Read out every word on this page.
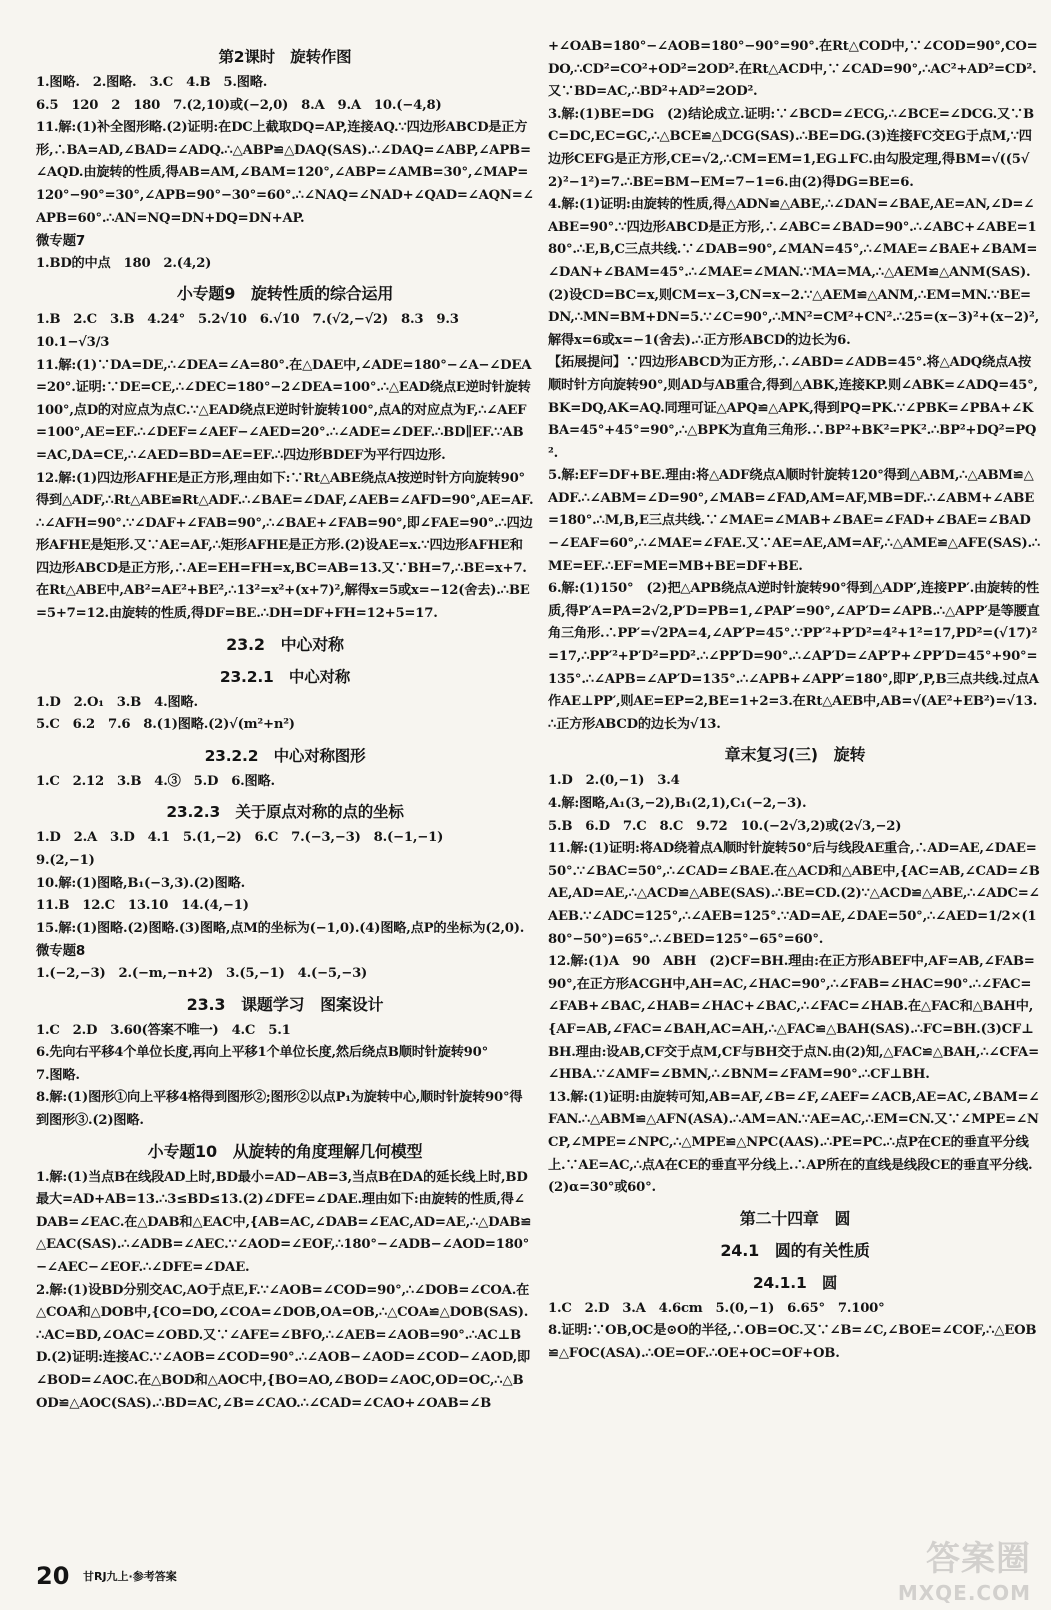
第2课时　旋转作图

1.图略.　2.图略.　3.C　4.B　5.图略.

6.5　120　2　180　7.(2,10)或(−2,0)　8.A　9.A　10.(−4,8)

11.解:(1)补全图形略.(2)证明:在DC上截取DQ=AP,连接AQ.∵四边形ABCD是正方形,∴BA=AD,∠BAD=∠ADQ.∴△ABP≌△DAQ(SAS).∴∠DAQ=∠ABP,∠APB=∠AQD.由旋转的性质,得AB=AM,∠BAM=120°,∠ABP=∠AMB=30°,∠MAP=120°−90°=30°,∠APB=90°−30°=60°.∴∠NAQ=∠NAD+∠QAD=∠AQN=∠APB=60°.∴AN=NQ=DN+DQ=DN+AP.

微专题7

1.BD的中点　180　2.(4,2)

小专题9　旋转性质的综合运用

1.B　2.C　3.B　4.24°　5.2√10　6.√10　7.(√2,−√2)　8.3　9.3

10.1−√3/3

11.解:(1)∵DA=DE,∴∠DEA=∠A=80°.在△DAE中,∠ADE=180°−∠A−∠DEA=20°.证明:∵DE=CE,∴∠DEC=180°−2∠DEA=100°.∴△EAD绕点E逆时针旋转100°,点D的对应点为点C.∵△EAD绕点E逆时针旋转100°,点A的对应点为F,∴∠AEF=100°,AE=EF.∴∠DEF=∠AEF−∠AED=20°.∴∠ADE=∠DEF.∴BD∥EF.∵AB=AC,DA=CE,∴∠AED=BD=AE=EF.∴四边形BDEF为平行四边形.

12.解:(1)四边形AFHE是正方形,理由如下:∵Rt△ABE绕点A按逆时针方向旋转90°得到△ADF,∴Rt△ABE≌Rt△ADF.∴∠BAE=∠DAF,∠AEB=∠AFD=90°,AE=AF.∴∠AFH=90°.∵∠DAF+∠FAB=90°,∴∠BAE+∠FAB=90°,即∠FAE=90°.∴四边形AFHE是矩形.又∵AE=AF,∴矩形AFHE是正方形.(2)设AE=x.∵四边形AFHE和四边形ABCD是正方形,∴AE=EH=FH=x,BC=AB=13.又∵BH=7,∴BE=x+7.在Rt△ABE中,AB²=AE²+BE²,∴13²=x²+(x+7)²,解得x=5或x=−12(舍去).∴BE=5+7=12.由旋转的性质,得DF=BE.∴DH=DF+FH=12+5=17.

23.2　中心对称
23.2.1　中心对称

1.D　2.O₁　3.B　4.图略.

5.C　6.2　7.6　8.(1)图略.(2)√(m²+n²)

23.2.2　中心对称图形

1.C　2.12　3.B　4.③　5.D　6.图略.

23.2.3　关于原点对称的点的坐标

1.D　2.A　3.D　4.1　5.(1,−2)　6.C　7.(−3,−3)　8.(−1,−1)

9.(2,−1)

10.解:(1)图略,B₁(−3,3).(2)图略.

11.B　12.C　13.10　14.(4,−1)

15.解:(1)图略.(2)图略.(3)图略,点M的坐标为(−1,0).(4)图略,点P的坐标为(2,0).

微专题8

1.(−2,−3)　2.(−m,−n+2)　3.(5,−1)　4.(−5,−3)

23.3　课题学习　图案设计

1.C　2.D　3.60(答案不唯一)　4.C　5.1

6.先向右平移4个单位长度,再向上平移1个单位长度,然后绕点B顺时针旋转90°

7.图略.

8.解:(1)图形①向上平移4格得到图形②;图形②以点P₁为旋转中心,顺时针旋转90°得到图形③.(2)图略.

小专题10　从旋转的角度理解几何模型

1.解:(1)当点B在线段AD上时,BD最小=AD−AB=3,当点B在DA的延长线上时,BD最大=AD+AB=13.∴3≤BD≤13.(2)∠DFE=∠DAE.理由如下:由旋转的性质,得∠DAB=∠EAC.在△DAB和△EAC中,{AB=AC,∠DAB=∠EAC,AD=AE,∴△DAB≌△EAC(SAS).∴∠ADB=∠AEC.∵∠AOD=∠EOF,∴180°−∠ADB−∠AOD=180°−∠AEC−∠EOF.∴∠DFE=∠DAE.

2.解:(1)设BD分别交AC,AO于点E,F.∵∠AOB=∠COD=90°,∴∠DOB=∠COA.在△COA和△DOB中,{CO=DO,∠COA=∠DOB,OA=OB,∴△COA≌△DOB(SAS).∴AC=BD,∠OAC=∠OBD.又∵∠AFE=∠BFO,∴∠AEB=∠AOB=90°.∴AC⊥BD.(2)证明:连接AC.∵∠AOB=∠COD=90°.∴∠AOB−∠AOD=∠COD−∠AOD,即∠BOD=∠AOC.在△BOD和△AOC中,{BO=AO,∠BOD=∠AOC,OD=OC,∴△BOD≌△AOC(SAS).∴BD=AC,∠B=∠CAO.∴∠CAD=∠CAO+∠OAB=∠B

+∠OAB=180°−∠AOB=180°−90°=90°.在Rt△COD中,∵∠COD=90°,CO=DO,∴CD²=CO²+OD²=2OD².在Rt△ACD中,∵∠CAD=90°,∴AC²+AD²=CD².又∵BD=AC,∴BD²+AD²=2OD².

3.解:(1)BE=DG　(2)结论成立.证明:∵∠BCD=∠ECG,∴∠BCE=∠DCG.又∵BC=DC,EC=GC,∴△BCE≌△DCG(SAS).∴BE=DG.(3)连接FC交EG于点M,∵四边形CEFG是正方形,CE=√2,∴CM=EM=1,EG⊥FC.由勾股定理,得BM=√((5√2)²−1²)=7.∴BE=BM−EM=7−1=6.由(2)得DG=BE=6.

4.解:(1)证明:由旋转的性质,得△ADN≌△ABE,∴∠DAN=∠BAE,AE=AN,∠D=∠ABE=90°.∵四边形ABCD是正方形,∴∠ABC=∠BAD=90°.∴∠ABC+∠ABE=180°.∴E,B,C三点共线.∵∠DAB=90°,∠MAN=45°,∴∠MAE=∠BAE+∠BAM=∠DAN+∠BAM=45°.∴∠MAE=∠MAN.∵MA=MA,∴△AEM≌△ANM(SAS).(2)设CD=BC=x,则CM=x−3,CN=x−2.∵△AEM≌△ANM,∴EM=MN.∵BE=DN,∴MN=BM+DN=5.∵∠C=90°,∴MN²=CM²+CN².∴25=(x−3)²+(x−2)²,解得x=6或x=−1(舍去).∴正方形ABCD的边长为6.

【拓展提问】∵四边形ABCD为正方形,∴∠ABD=∠ADB=45°.将△ADQ绕点A按顺时针方向旋转90°,则AD与AB重合,得到△ABK,连接KP.则∠ABK=∠ADQ=45°,BK=DQ,AK=AQ.同理可证△APQ≌△APK,得到PQ=PK.∵∠PBK=∠PBA+∠KBA=45°+45°=90°,∴△BPK为直角三角形.∴BP²+BK²=PK².∴BP²+DQ²=PQ².

5.解:EF=DF+BE.理由:将△ADF绕点A顺时针旋转120°得到△ABM,∴△ABM≌△ADF.∴∠ABM=∠D=90°,∠MAB=∠FAD,AM=AF,MB=DF.∴∠ABM+∠ABE=180°.∴M,B,E三点共线.∵∠MAE=∠MAB+∠BAE=∠FAD+∠BAE=∠BAD−∠EAF=60°,∴∠MAE=∠FAE.又∵AE=AE,AM=AF,∴△AME≌△AFE(SAS).∴ME=EF.∴EF=ME=MB+BE=DF+BE.

6.解:(1)150°　(2)把△APB绕点A逆时针旋转90°得到△ADP′,连接PP′.由旋转的性质,得P′A=PA=2√2,P′D=PB=1,∠PAP′=90°,∠AP′D=∠APB.∴△APP′是等腰直角三角形.∴PP′=√2PA=4,∠AP′P=45°.∵PP′²+P′D²=4²+1²=17,PD²=(√17)²=17,∴PP′²+P′D²=PD².∴∠PP′D=90°.∴∠AP′D=∠AP′P+∠PP′D=45°+90°=135°.∴∠APB=∠AP′D=135°.∴∠APB+∠APP′=180°,即P′,P,B三点共线.过点A作AE⊥PP′,则AE=EP=2,BE=1+2=3.在Rt△AEB中,AB=√(AE²+EB²)=√13.∴正方形ABCD的边长为√13.

章末复习(三)　旋转

1.D　2.(0,−1)　3.4

4.解:图略,A₁(3,−2),B₁(2,1),C₁(−2,−3).

5.B　6.D　7.C　8.C　9.72　10.(−2√3,2)或(2√3,−2)

11.解:(1)证明:将AD绕着点A顺时针旋转50°后与线段AE重合,∴AD=AE,∠DAE=50°.∵∠BAC=50°,∴∠CAD=∠BAE.在△ACD和△ABE中,{AC=AB,∠CAD=∠BAE,AD=AE,∴△ACD≌△ABE(SAS).∴BE=CD.(2)∵△ACD≌△ABE,∴∠ADC=∠AEB.∵∠ADC=125°,∴∠AEB=125°.∵AD=AE,∠DAE=50°,∴∠AED=1/2×(180°−50°)=65°.∴∠BED=125°−65°=60°.

12.解:(1)A　90　ABH　(2)CF=BH.理由:在正方形ABEF中,AF=AB,∠FAB=90°,在正方形ACGH中,AH=AC,∠HAC=90°,∴∠FAB=∠HAC=90°.∴∠FAC=∠FAB+∠BAC,∠HAB=∠HAC+∠BAC,∴∠FAC=∠HAB.在△FAC和△BAH中,{AF=AB,∠FAC=∠BAH,AC=AH,∴△FAC≌△BAH(SAS).∴FC=BH.(3)CF⊥BH.理由:设AB,CF交于点M,CF与BH交于点N.由(2)知,△FAC≌△BAH,∴∠CFA=∠HBA.∵∠AMF=∠BMN,∴∠BNM=∠FAM=90°.∴CF⊥BH.

13.解:(1)证明:由旋转可知,AB=AF,∠B=∠F,∠AEF=∠ACB,AE=AC,∠BAM=∠FAN.∴△ABM≌△AFN(ASA).∴AM=AN.∵AE=AC,∴EM=CN.又∵∠MPE=∠NCP,∠MPE=∠NPC,∴△MPE≌△NPC(AAS).∴PE=PC.∴点P在CE的垂直平分线上.∵AE=AC,∴点A在CE的垂直平分线上.∴AP所在的直线是线段CE的垂直平分线.(2)α=30°或60°.

第二十四章　圆
24.1　圆的有关性质
24.1.1　圆

1.C　2.D　3.A　4.6cm　5.(0,−1)　6.65°　7.100°

8.证明:∵OB,OC是⊙O的半径,∴OB=OC.又∵∠B=∠C,∠BOE=∠COF,∴△EOB≌△FOC(ASA).∴OE=OF.∴OE+OC=OF+OB.

20 甘RJ九上·参考答案	答案圈
MXQE.COM
